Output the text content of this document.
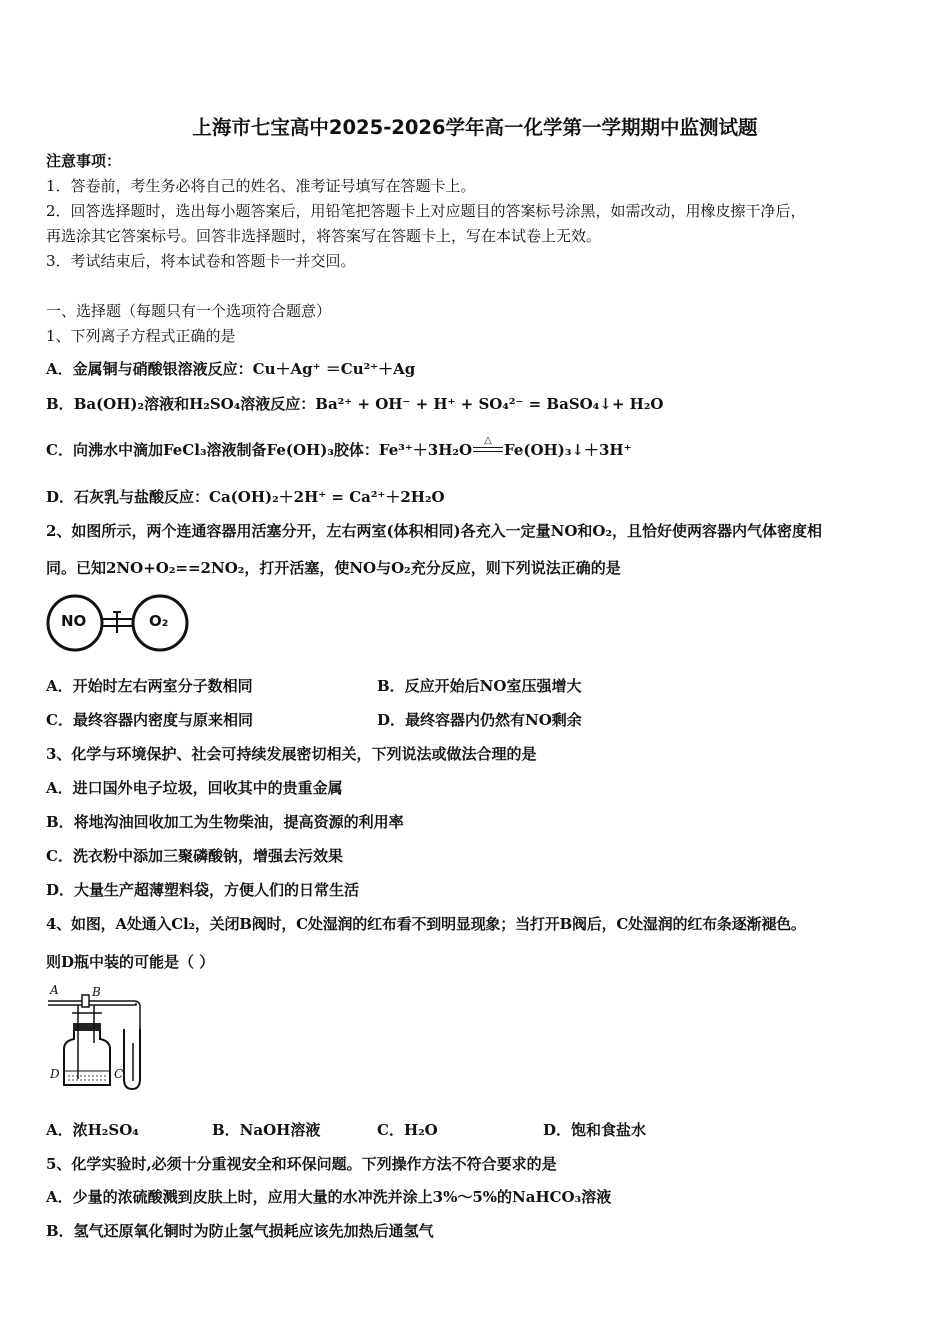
上海市七宝高中2025-2026学年高一化学第一学期期中监测试题
注意事项：
1．答卷前，考生务必将自己的姓名、准考证号填写在答题卡上。
2．回答选择题时，选出每小题答案后，用铅笔把答题卡上对应题目的答案标号涂黑，如需改动，用橡皮擦干净后，
再选涂其它答案标号。回答非选择题时，将答案写在答题卡上，写在本试卷上无效。
3．考试结束后，将本试卷和答题卡一并交回。
一、选择题（每题只有一个选项符合题意）
1、下列离子方程式正确的是
A．金属铜与硝酸银溶液反应：Cu＋Ag⁺ ＝Cu²⁺＋Ag
B．Ba(OH)₂溶液和H₂SO₄溶液反应：Ba²⁺ + OH⁻ + H⁺ + SO₄²⁻ = BaSO₄↓+ H₂O
C．向沸水中滴加FeCl₃溶液制备Fe(OH)₃胶体：Fe³⁺＋3H₂O
△
Fe(OH)₃↓＋3H⁺
D．石灰乳与盐酸反应：Ca(OH)₂＋2H⁺ = Ca²⁺＋2H₂O
2、如图所示，两个连通容器用活塞分开，左右两室(体积相同)各充入一定量NO和O₂，且恰好使两容器内气体密度相
同。已知2NO+O₂==2NO₂，打开活塞，使NO与O₂充分反应，则下列说法正确的是
NO	O₂
A．开始时左右两室分子数相同	B．反应开始后NO室压强增大
C．最终容器内密度与原来相同	D．最终容器内仍然有NO剩余
3、化学与环境保护、社会可持续发展密切相关，下列说法或做法合理的是
A．进口国外电子垃圾，回收其中的贵重金属
B．将地沟油回收加工为生物柴油，提高资源的利用率
C．洗衣粉中添加三聚磷酸钠，增强去污效果
D．大量生产超薄塑料袋，方便人们的日常生活
4、如图，A处通入Cl₂，关闭B阀时，C处湿润的红布看不到明显现象；当打开B阀后，C处湿润的红布条逐渐褪色。
则D瓶中装的可能是（ ）
A	B
D	C
A．浓H₂SO₄	B．NaOH溶液	C．H₂O	D．饱和食盐水
5、化学实验时,必须十分重视安全和环保问题。下列操作方法不符合要求的是
A．少量的浓硫酸溅到皮肤上时，应用大量的水冲洗并涂上3%～5%的NaHCO₃溶液
B．氢气还原氧化铜时为防止氢气损耗应该先加热后通氢气
